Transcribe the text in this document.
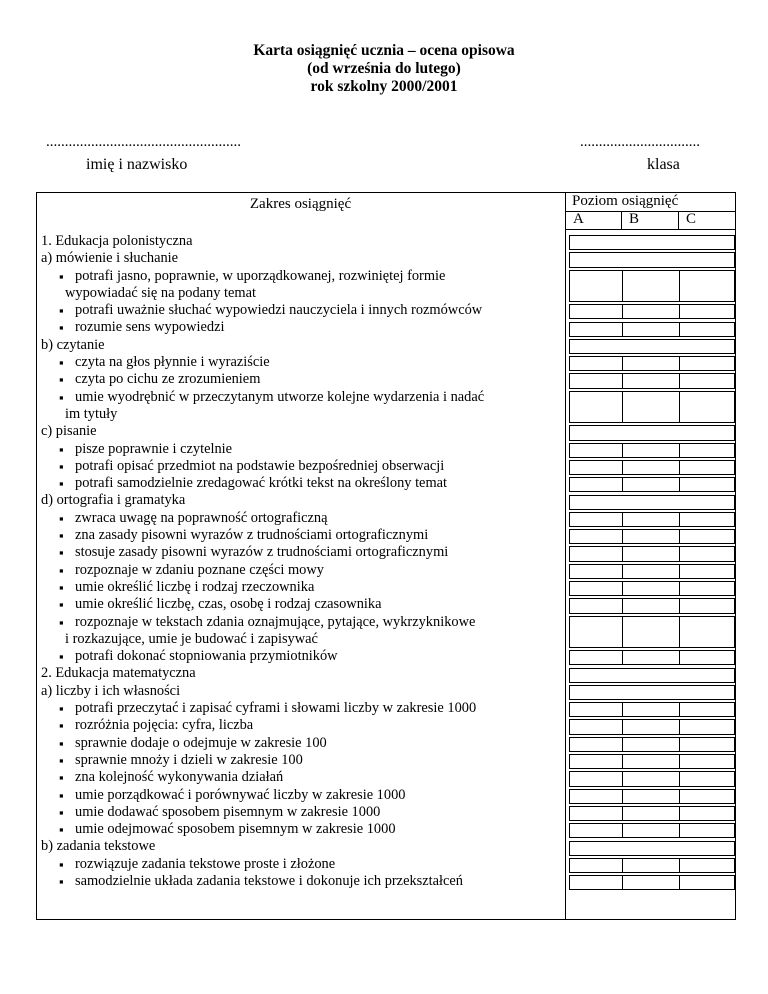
Karta osiągnięć ucznia – ocena opisowa
(od września do lutego)
rok szkolny 2000/2001
....................................................
imię i nazwisko
................................
klasa
Zakres osiągnięć	Poziom osiągnięć
A	B	C
1. Edukacja polonistyczna
a) mówienie i słuchanie
▪ potrafi jasno, poprawnie, w uporządkowanej, rozwiniętej formie
wypowiadać się na podany temat
▪ potrafi uważnie słuchać wypowiedzi nauczyciela i innych rozmówców
▪ rozumie sens wypowiedzi
b) czytanie
▪ czyta na głos płynnie i wyraziście
▪ czyta po cichu ze zrozumieniem
▪ umie wyodrębnić w przeczytanym utworze kolejne wydarzenia i nadać
im tytuły
c) pisanie
▪ pisze poprawnie i czytelnie
▪ potrafi opisać przedmiot na podstawie bezpośredniej obserwacji
▪ potrafi samodzielnie zredagować krótki tekst na określony temat
d) ortografia i gramatyka
▪ zwraca uwagę na poprawność ortograficzną
▪ zna zasady pisowni wyrazów z trudnościami ortograficznymi
▪ stosuje zasady pisowni wyrazów z trudnościami ortograficznymi
▪ rozpoznaje w zdaniu poznane części mowy
▪ umie określić liczbę i rodzaj rzeczownika
▪ umie określić liczbę, czas, osobę i rodzaj czasownika
▪ rozpoznaje w tekstach zdania oznajmujące, pytające, wykrzyknikowe
i rozkazujące, umie je budować i zapisywać
▪ potrafi dokonać stopniowania przymiotników
2. Edukacja matematyczna
a) liczby i ich własności
▪ potrafi przeczytać i zapisać cyframi i słowami liczby w zakresie 1000
▪ rozróżnia pojęcia: cyfra, liczba
▪ sprawnie dodaje o odejmuje w zakresie 100
▪ sprawnie mnoży i dzieli w zakresie 100
▪ zna kolejność wykonywania działań
▪ umie porządkować i porównywać liczby w zakresie 1000
▪ umie dodawać sposobem pisemnym w zakresie 1000
▪ umie odejmować sposobem pisemnym w zakresie 1000
b) zadania tekstowe
▪ rozwiązuje zadania tekstowe proste i złożone
▪ samodzielnie układa zadania tekstowe i dokonuje ich przekształceń
